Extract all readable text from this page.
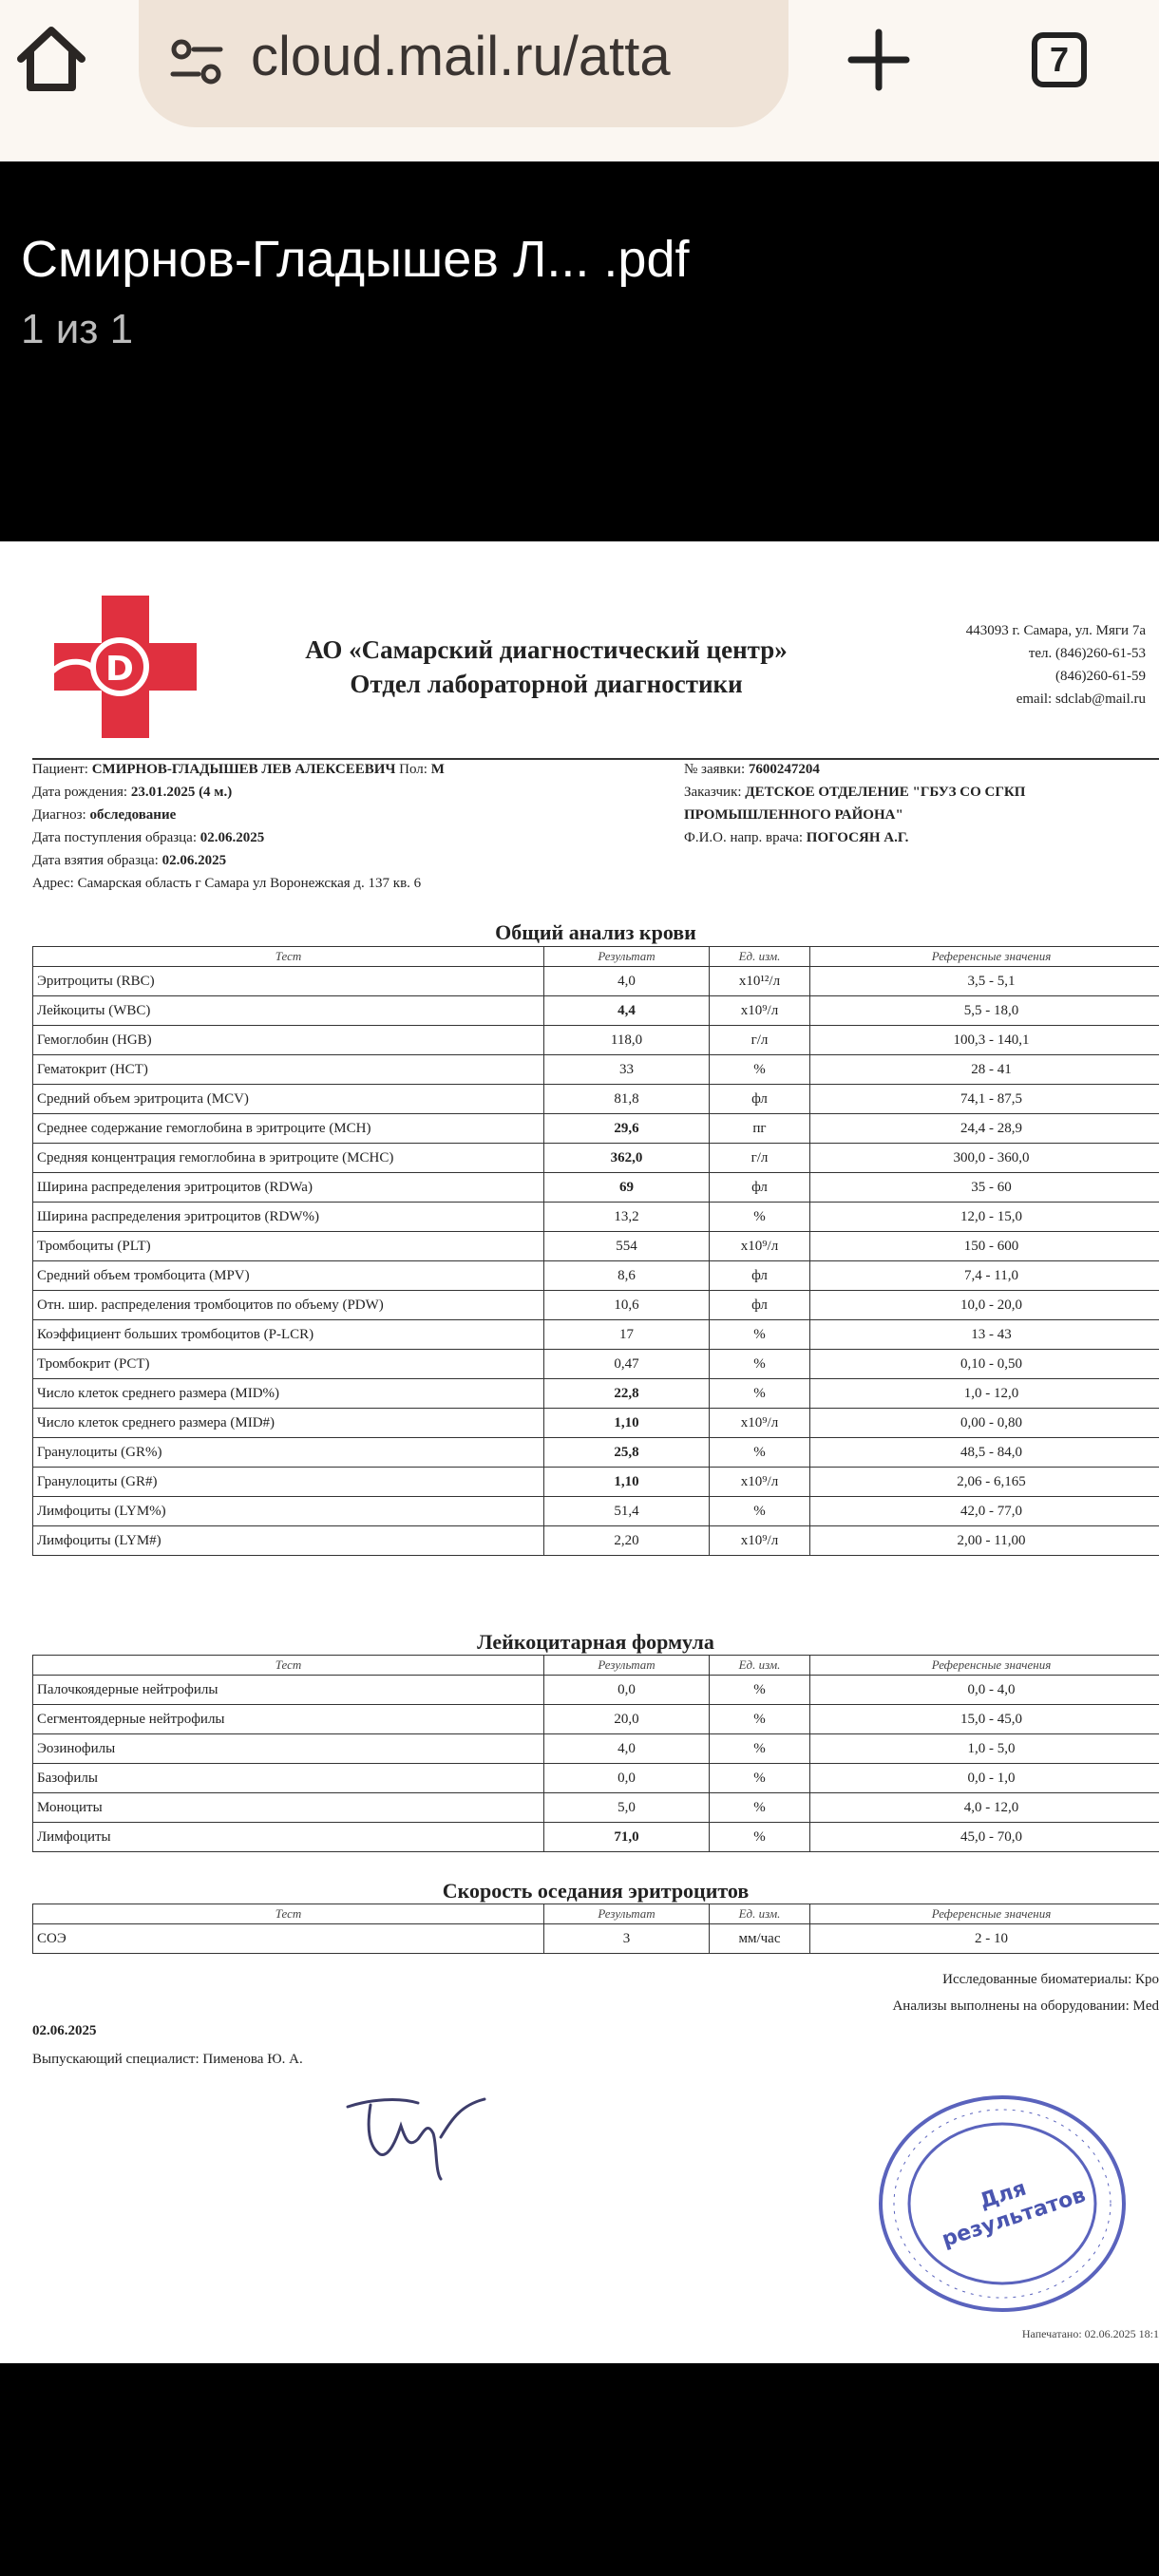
cloud.mail.ru/atta	7
Смирнов-Гладышев Л... .pdf
1 из 1
D	АО «Самарский диагностический центр»
Отдел лабораторной диагностики
443093 г. Самара, ул. Мяги 7а
тел. (846)260-61-53
(846)260-61-59
email: sdclab@mail.ru
Пациент: СМИРНОВ-ГЛАДЫШЕВ ЛЕВ АЛЕКСЕЕВИЧ Пол: М
Дата рождения: 23.01.2025 (4 м.)
Диагноз: обследование
Дата поступления образца: 02.06.2025
Дата взятия образца: 02.06.2025
Адрес: Самарская область г Самара ул Воронежская д. 137 кв. 6
№ заявки: 7600247204
Заказчик: ДЕТСКОЕ ОТДЕЛЕНИЕ "ГБУЗ СО СГКП
ПРОМЫШЛЕННОГО РАЙОНА"
Ф.И.О. напр. врача: ПОГОСЯН А.Г.
Общий анализ крови
Тест	Результат	Ед. изм.	Референсные значения
Эритроциты (RBC)	4,0	x10¹²/л	3,5 - 5,1
Лейкоциты (WBC)	4,4	x10⁹/л	5,5 - 18,0
Гемоглобин (HGB)	118,0	г/л	100,3 - 140,1
Гематокрит (HCT)	33	%	28 - 41
Средний объем эритроцита (MCV)	81,8	фл	74,1 - 87,5
Среднее содержание гемоглобина в эритроците (MCH)	29,6	пг	24,4 - 28,9
Средняя концентрация гемоглобина в эритроците (MCHC)	362,0	г/л	300,0 - 360,0
Ширина распределения эритроцитов (RDWa)	69	фл	35 - 60
Ширина распределения эритроцитов (RDW%)	13,2	%	12,0 - 15,0
Тромбоциты (PLT)	554	x10⁹/л	150 - 600
Средний объем тромбоцита (MPV)	8,6	фл	7,4 - 11,0
Отн. шир. распределения тромбоцитов по объему (PDW)	10,6	фл	10,0 - 20,0
Коэффициент больших тромбоцитов (P-LCR)	17	%	13 - 43
Тромбокрит (PCT)	0,47	%	0,10 - 0,50
Число клеток среднего размера (MID%)	22,8	%	1,0 - 12,0
Число клеток среднего размера (MID#)	1,10	x10⁹/л	0,00 - 0,80
Гранулоциты (GR%)	25,8	%	48,5 - 84,0
Гранулоциты (GR#)	1,10	x10⁹/л	2,06 - 6,165
Лимфоциты (LYM%)	51,4	%	42,0 - 77,0
Лимфоциты (LYM#)	2,20	x10⁹/л	2,00 - 11,00
Лейкоцитарная формула
Тест	Результат	Ед. изм.	Референсные значения
Палочкоядерные нейтрофилы	0,0	%	0,0 - 4,0
Сегментоядерные нейтрофилы	20,0	%	15,0 - 45,0
Эозинофилы	4,0	%	1,0 - 5,0
Базофилы	0,0	%	0,0 - 1,0
Моноциты	5,0	%	4,0 - 12,0
Лимфоциты	71,0	%	45,0 - 70,0
Скорость оседания эритроцитов
Тест	Результат	Ед. изм.	Референсные значения
СОЭ	3	мм/час	2 - 10
Исследованные биоматериалы: Кро
Анализы выполнены на оборудовании: Med
02.06.2025
Выпускающий специалист: Пименова Ю. А.
Для результатов
Напечатано: 02.06.2025 18:1
